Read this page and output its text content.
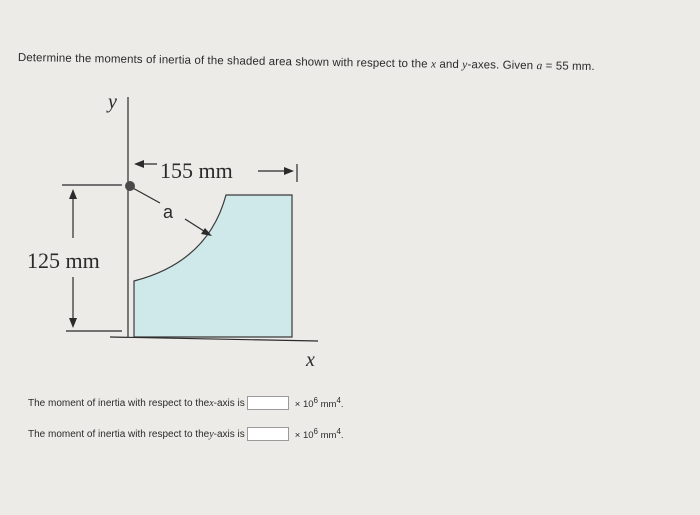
Determine the moments of inertia of the shaded area shown with respect to the x and y-axes. Given a = 55 mm.
y
x
155 mm
125 mm
a
The moment of inertia with respect to the x -axis is	× $10^6$ $mm^4$.
The moment of inertia with respect to the y -axis is	× $10^6$ $mm^4$.
